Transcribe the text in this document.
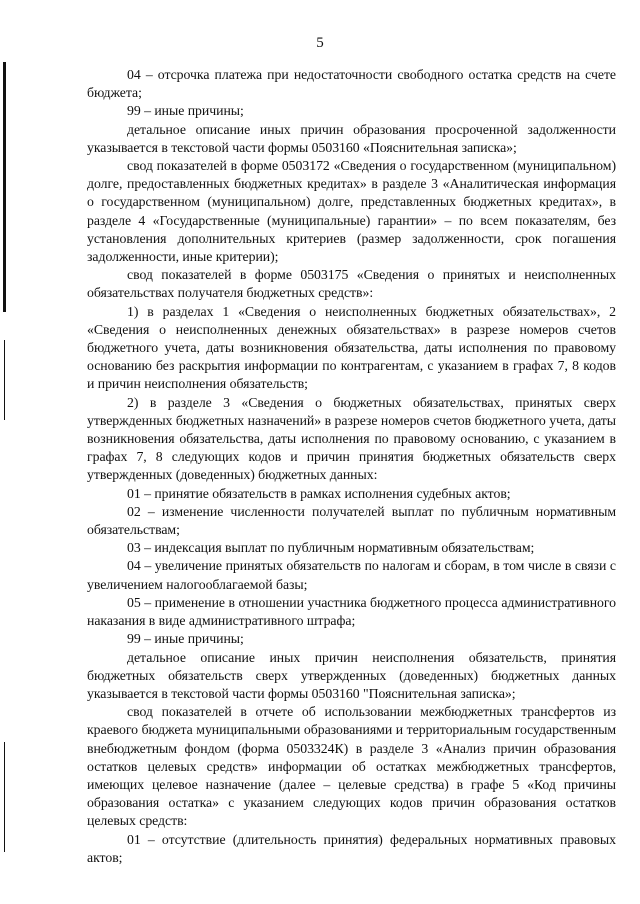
5

04 – отсрочка платежа при недостаточности свободного остатка средств на счете бюджета;

99 – иные причины;

детальное описание иных причин образования просроченной задолженности указывается в текстовой части формы 0503160 «Пояснительная записка»;

свод показателей в форме 0503172 «Сведения о государственном (муниципальном) долге, предоставленных бюджетных кредитах» в разделе 3 «Аналитическая информация о государственном (муниципальном) долге, представленных бюджетных кредитах», в разделе 4 «Государственные (муниципальные) гарантии» – по всем показателям, без установления дополнительных критериев (размер задолженности, срок погашения задолженности, иные критерии);

свод показателей в форме 0503175 «Сведения о принятых и неисполненных обязательствах получателя бюджетных средств»:

1) в разделах 1 «Сведения о неисполненных бюджетных обязательствах», 2 «Сведения о неисполненных денежных обязательствах» в разрезе номеров счетов бюджетного учета, даты возникновения обязательства, даты исполнения по правовому основанию без раскрытия информации по контрагентам, с указанием в графах 7, 8 кодов и причин неисполнения обязательств;

2) в разделе 3 «Сведения о бюджетных обязательствах, принятых сверх утвержденных бюджетных назначений» в разрезе номеров счетов бюджетного учета, даты возникновения обязательства, даты исполнения по правовому основанию, с указанием в графах 7, 8 следующих кодов и причин принятия бюджетных обязательств сверх утвержденных (доведенных) бюджетных данных:

01 – принятие обязательств в рамках исполнения судебных актов;

02 – изменение численности получателей выплат по публичным нормативным обязательствам;

03 – индексация выплат по публичным нормативным обязательствам;

04 – увеличение принятых обязательств по налогам и сборам, в том числе в связи с увеличением налогооблагаемой базы;

05 – применение в отношении участника бюджетного процесса административного наказания в виде административного штрафа;

99 – иные причины;

детальное описание иных причин неисполнения обязательств, принятия бюджетных обязательств сверх утвержденных (доведенных) бюджетных данных указывается в текстовой части формы 0503160 "Пояснительная записка»;

свод показателей в отчете об использовании межбюджетных трансфертов из краевого бюджета муниципальными образованиями и территориальным государственным внебюджетным фондом (форма 0503324К) в разделе 3 «Анализ причин образования остатков целевых средств» информации об остатках межбюджетных трансфертов, имеющих целевое назначение (далее – целевые средства) в графе 5 «Код причины образования остатка» с указанием следующих кодов причин образования остатков целевых средств:

01 – отсутствие (длительность принятия) федеральных нормативных правовых актов;
